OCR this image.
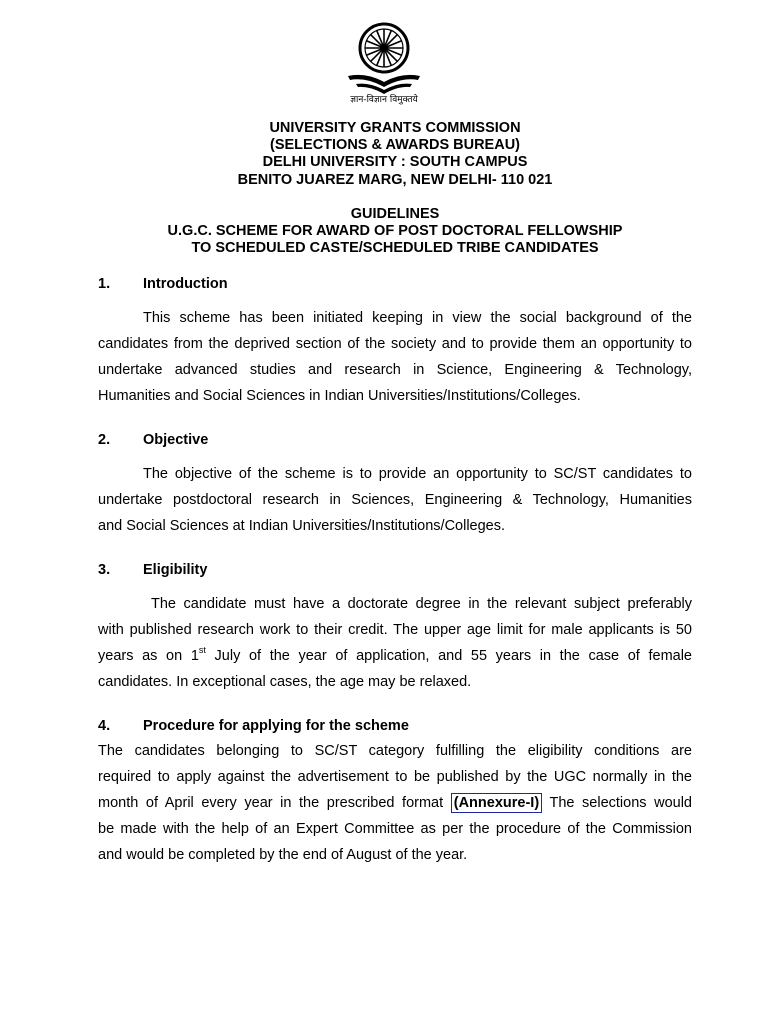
ज्ञान-विज्ञान विमुक्तये
UNIVERSITY GRANTS COMMISSION
(SELECTIONS & AWARDS BUREAU)
DELHI UNIVERSITY : SOUTH CAMPUS
BENITO JUAREZ MARG, NEW DELHI- 110 021
GUIDELINES
U.G.C. SCHEME FOR AWARD OF POST DOCTORAL FELLOWSHIP
TO SCHEDULED CASTE/SCHEDULED TRIBE CANDIDATES
1. Introduction
This scheme has been initiated keeping in view the social background of the
candidates from the deprived section of the society and to provide them an opportunity to
undertake advanced studies and research in Science, Engineering & Technology,
Humanities and Social Sciences in Indian Universities/Institutions/Colleges.
2. Objective
The objective of the scheme is to provide an opportunity to SC/ST candidates to
undertake postdoctoral research in Sciences, Engineering & Technology, Humanities
and Social Sciences at Indian Universities/Institutions/Colleges.
3. Eligibility
The candidate must have a doctorate degree in the relevant subject preferably
with published research work to their credit. The upper age limit for male applicants is 50
years as on 1st July of the year of application, and 55 years in the case of female
candidates. In exceptional cases, the age may be relaxed.
4. Procedure for applying for the scheme
The candidates belonging to SC/ST category fulfilling the eligibility conditions are
required to apply against the advertisement to be published by the UGC normally in the
month of April every year in the prescribed format (Annexure-I) The selections would
be made with the help of an Expert Committee as per the procedure of the Commission
and would be completed by the end of August of the year.
